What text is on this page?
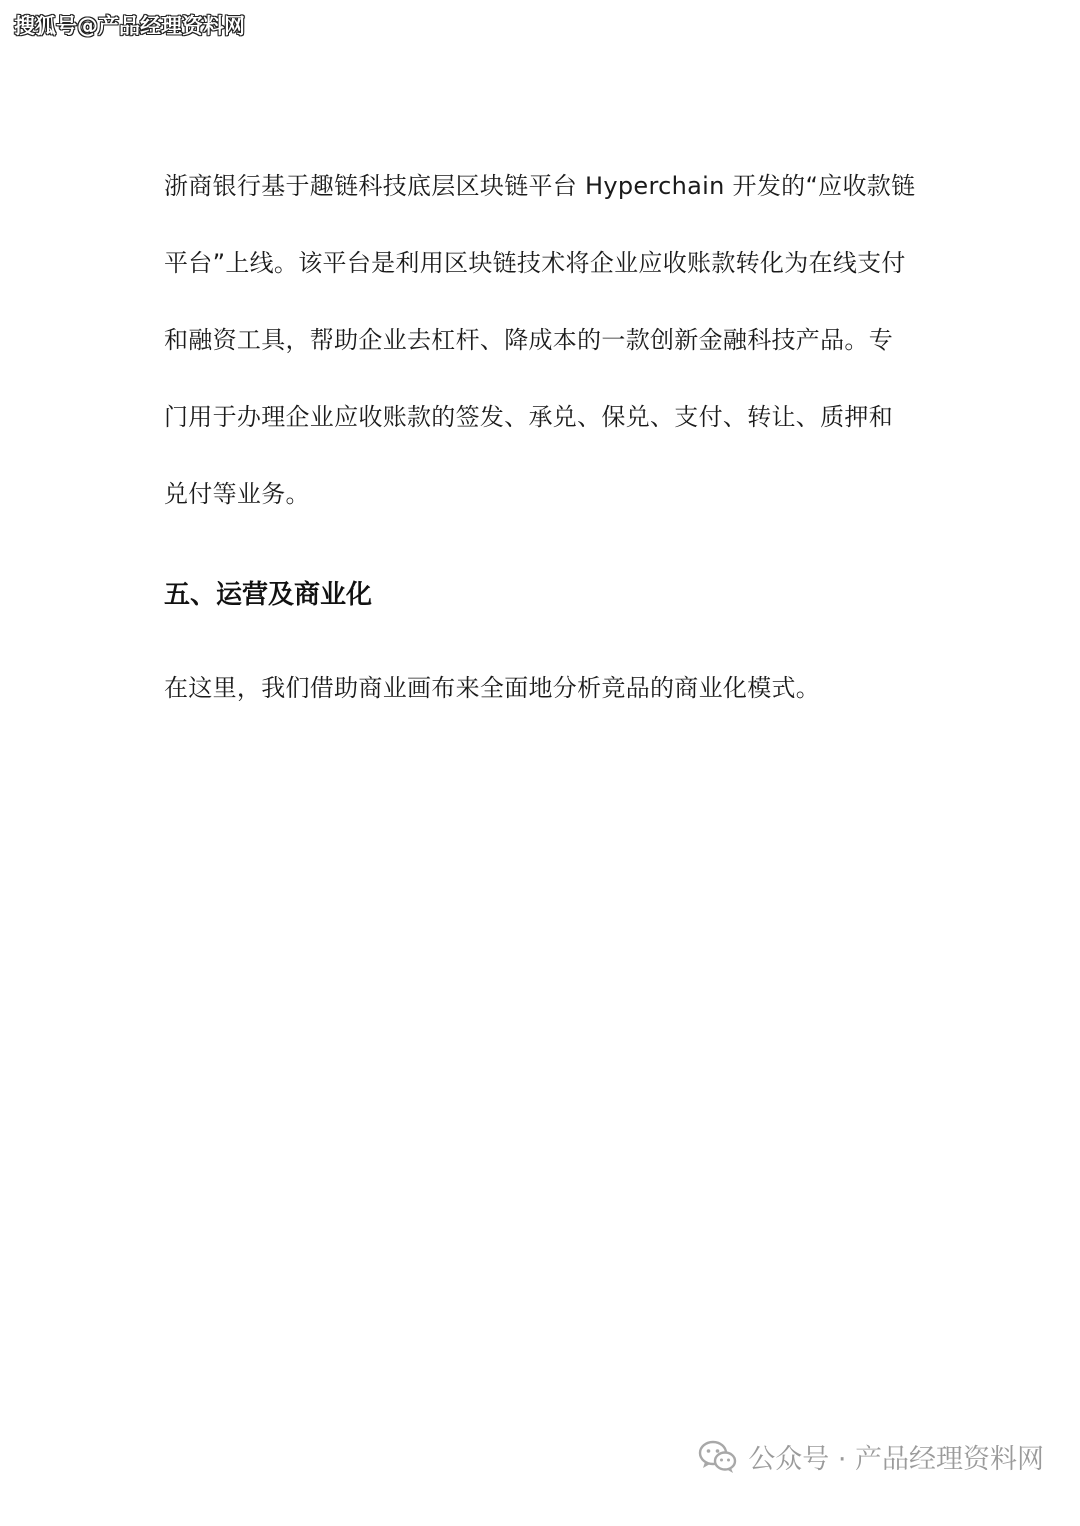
搜狐号@产品经理资料网

浙商银行基于趣链科技底层区块链平台 Hyperchain 开发的“应收款链
平台”上线。该平台是利用区块链技术将企业应收账款转化为在线支付
和融资工具，帮助企业去杠杆、降成本的一款创新金融科技产品。专
门用于办理企业应收账款的签发、承兑、保兑、支付、转让、质押和
兑付等业务。

五、运营及商业化

在这里，我们借助商业画布来全面地分析竞品的商业化模式。

公众号 · 产品经理资料网
